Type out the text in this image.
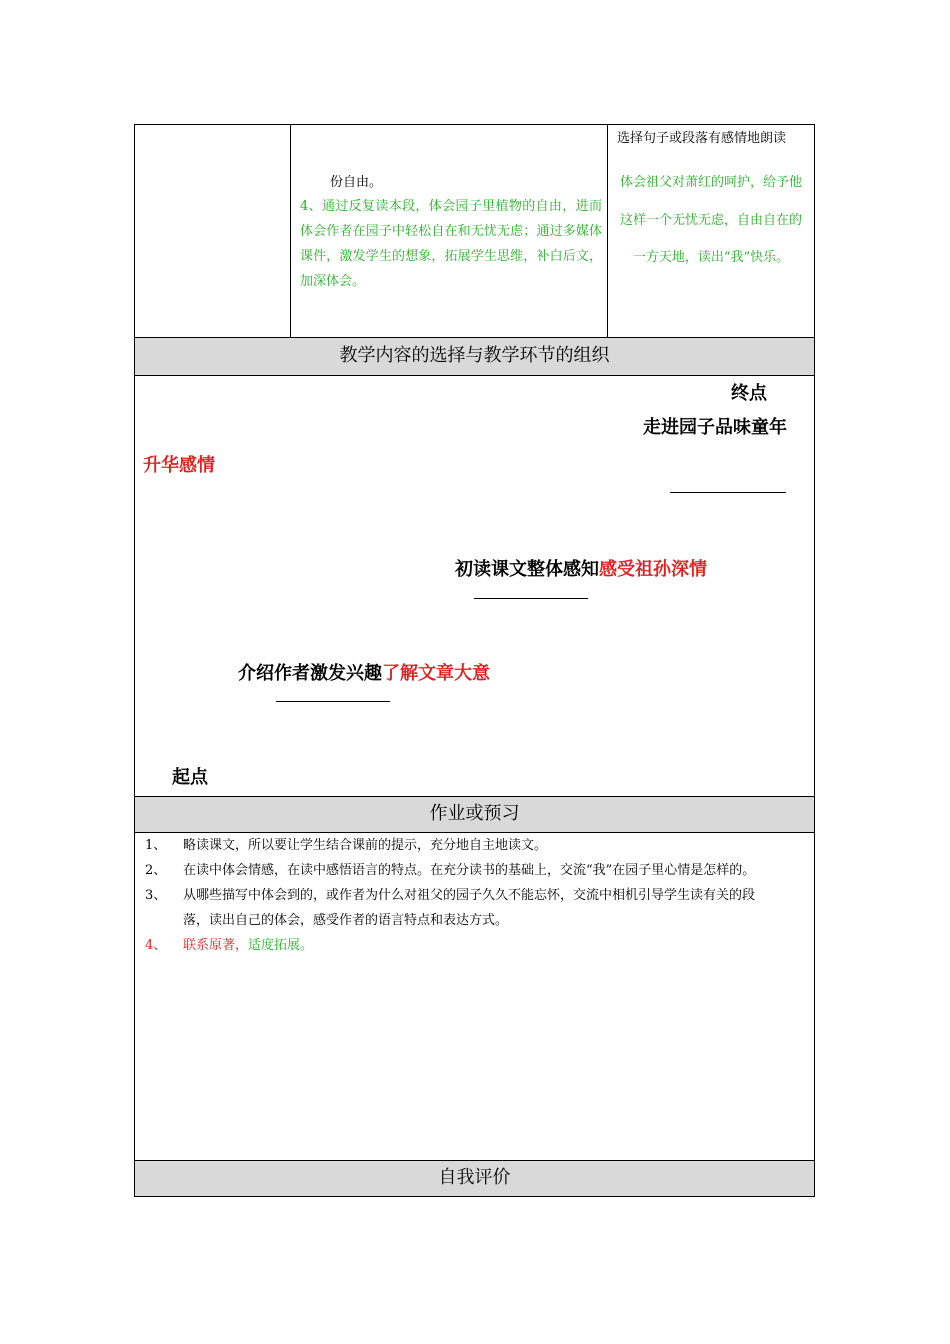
份自由。
4、通过反复读本段，体会园子里植物的自由，进而体会作者在园子中轻松自在和无忧无虑；通过多媒体课件，激发学生的想象，拓展学生思维，补白后文，加深体会。
选择句子或段落有感情地朗读
体会祖父对萧红的呵护，给予他这样一个无忧无虑，自由自在的一方天地，读出“我”快乐。
教学内容的选择与教学环节的组织
终点
走进园子品味童年
升华感情
初读课文整体感知感受祖孙深情
介绍作者激发兴趣了解文章大意
起点
作业或预习
1、 略读课文，所以要让学生结合课前的提示，充分地自主地读文。
2、 在读中体会情感，在读中感悟语言的特点。在充分读书的基础上，交流“我”在园子里心情是怎样的。
3、 从哪些描写中体会到的，或作者为什么对祖父的园子久久不能忘怀，交流中相机引导学生读有关的段
落，读出自己的体会，感受作者的语言特点和表达方式。
4、 联系原著，适度拓展。
自我评价
